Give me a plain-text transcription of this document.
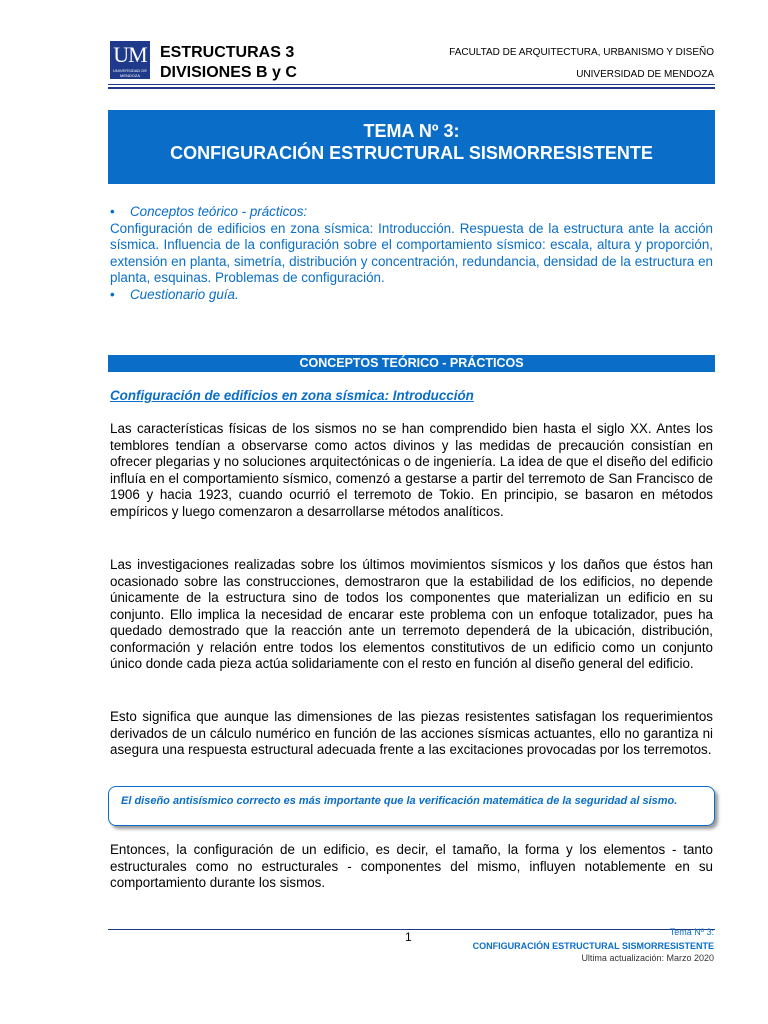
UM
UNIVERSIDAD DE MENDOZA
ESTRUCTURAS 3
DIVISIONES B y C
FACULTAD DE ARQUITECTURA, URBANISMO Y DISEÑO
UNIVERSIDAD DE MENDOZA
TEMA Nº 3:
CONFIGURACIÓN ESTRUCTURAL SISMORRESISTENTE
• Conceptos teórico - prácticos:
Configuración de edificios en zona sísmica: Introducción. Respuesta de la estructura ante la acción sísmica. Influencia de la configuración sobre el comportamiento sísmico: escala, altura y proporción, extensión en planta, simetría, distribución y concentración, redundancia, densidad de la estructura en planta, esquinas. Problemas de configuración.
• Cuestionario guía.
CONCEPTOS TEÓRICO - PRÁCTICOS
Configuración de edificios en zona sísmica: Introducción
Las características físicas de los sismos no se han comprendido bien hasta el siglo XX. Antes los temblores tendían a observarse como actos divinos y las medidas de precaución consistían en ofrecer plegarias y no soluciones arquitectónicas o de ingeniería. La idea de que el diseño del edificio influía en el comportamiento sísmico, comenzó a gestarse a partir del terremoto de San Francisco de 1906 y hacia 1923, cuando ocurrió el terremoto de Tokio. En principio, se basaron en métodos empíricos y luego comenzaron a desarrollarse métodos analíticos.
Las investigaciones realizadas sobre los últimos movimientos sísmicos y los daños que éstos han ocasionado sobre las construcciones, demostraron que la estabilidad de los edificios, no depende únicamente de la estructura sino de todos los componentes que materializan un edificio en su conjunto. Ello implica la necesidad de encarar este problema con un enfoque totalizador, pues ha quedado demostrado que la reacción ante un terremoto dependerá de la ubicación, distribución, conformación y relación entre todos los elementos constitutivos de un edificio como un conjunto único donde cada pieza actúa solidariamente con el resto en función al diseño general del edificio.
Esto significa que aunque las dimensiones de las piezas resistentes satisfagan los requerimientos derivados de un cálculo numérico en función de las acciones sísmicas actuantes, ello no garantiza ni asegura una respuesta estructural adecuada frente a las excitaciones provocadas por los terremotos.
El diseño antisísmico correcto es más importante que la verificación matemática de la seguridad al sismo.
Entonces, la configuración de un edificio, es decir, el tamaño, la forma y los elementos - tanto estructurales como no estructurales - componentes del mismo, influyen notablemente en su comportamiento durante los sismos.
1	Tema Nº 3:
CONFIGURACIÓN ESTRUCTURAL SISMORRESISTENTE
Ultima actualización: Marzo 2020
